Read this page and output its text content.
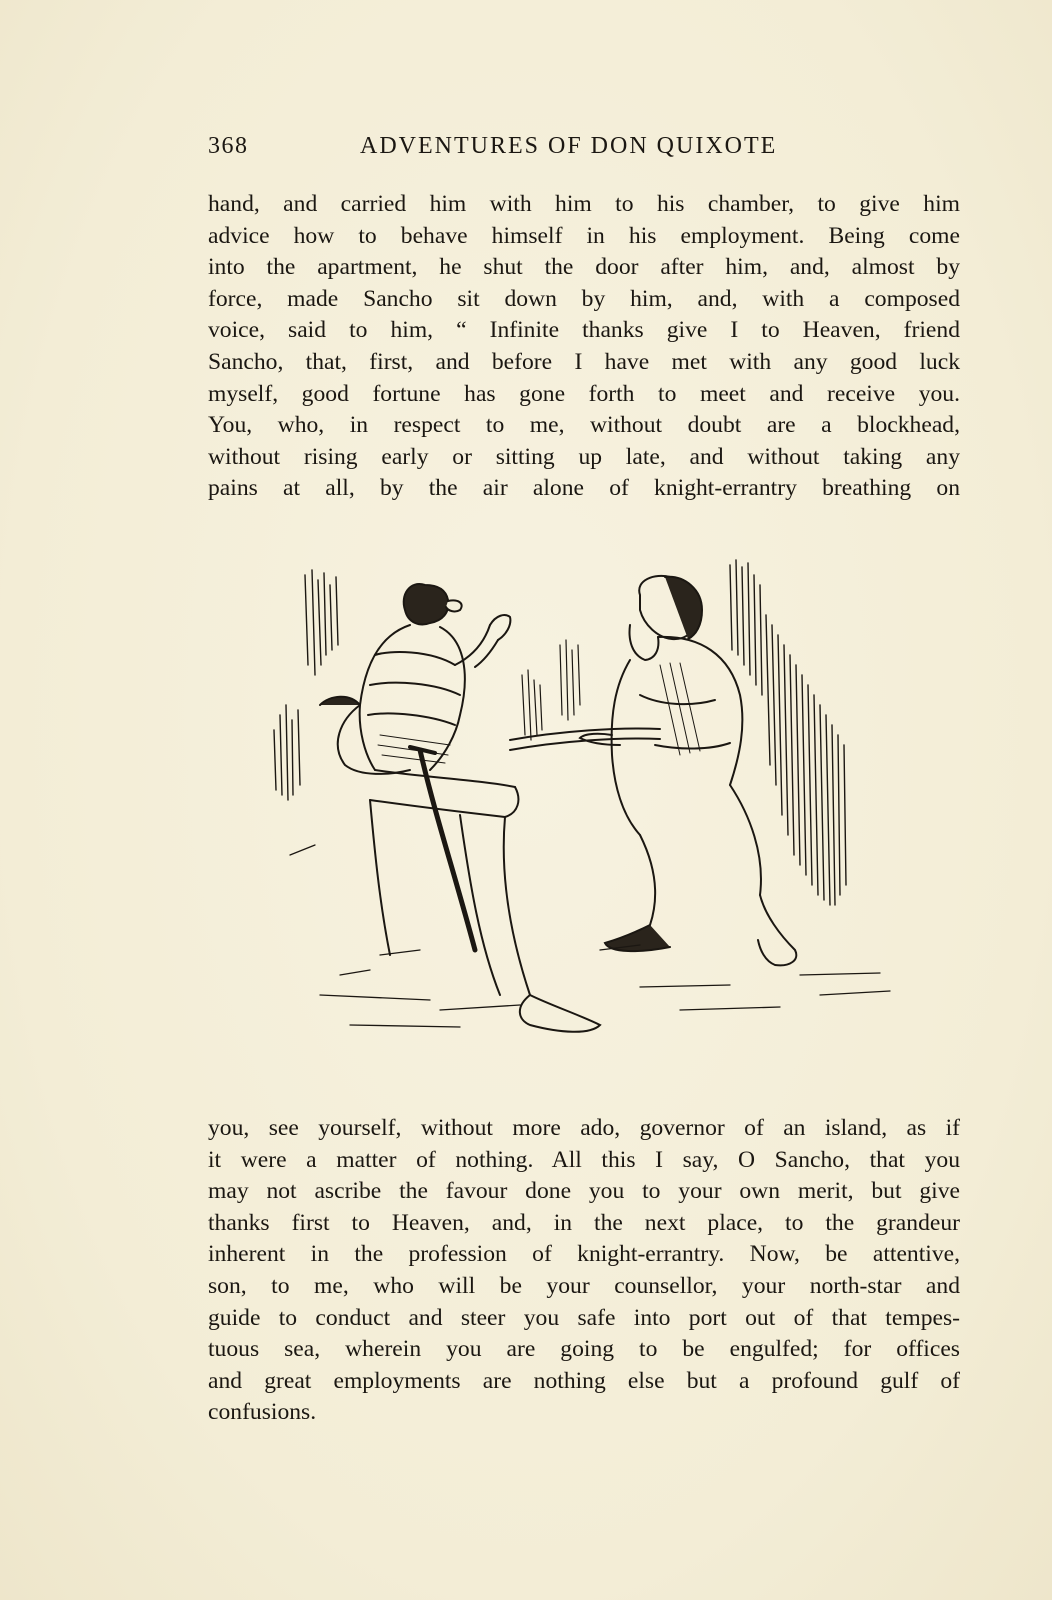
368	ADVENTURES OF DON QUIXOTE
hand, and carried him with him to his chamber, to give him
advice how to behave himself in his employment. Being come
into the apartment, he shut the door after him, and, almost by
force, made Sancho sit down by him, and, with a composed
voice, said to him, “ Infinite thanks give I to Heaven, friend
Sancho, that, first, and before I have met with any good luck
myself, good fortune has gone forth to meet and receive you.
You, who, in respect to me, without doubt are a blockhead,
without rising early or sitting up late, and without taking any
pains at all, by the air alone of knight-errantry breathing on
you, see yourself, without more ado, governor of an island, as if
it were a matter of nothing. All this I say, O Sancho, that you
may not ascribe the favour done you to your own merit, but give
thanks first to Heaven, and, in the next place, to the grandeur
inherent in the profession of knight-errantry. Now, be attentive,
son, to me, who will be your counsellor, your north-star and
guide to conduct and steer you safe into port out of that tempes-
tuous sea, wherein you are going to be engulfed; for offices
and great employments are nothing else but a profound gulf of
confusions.
